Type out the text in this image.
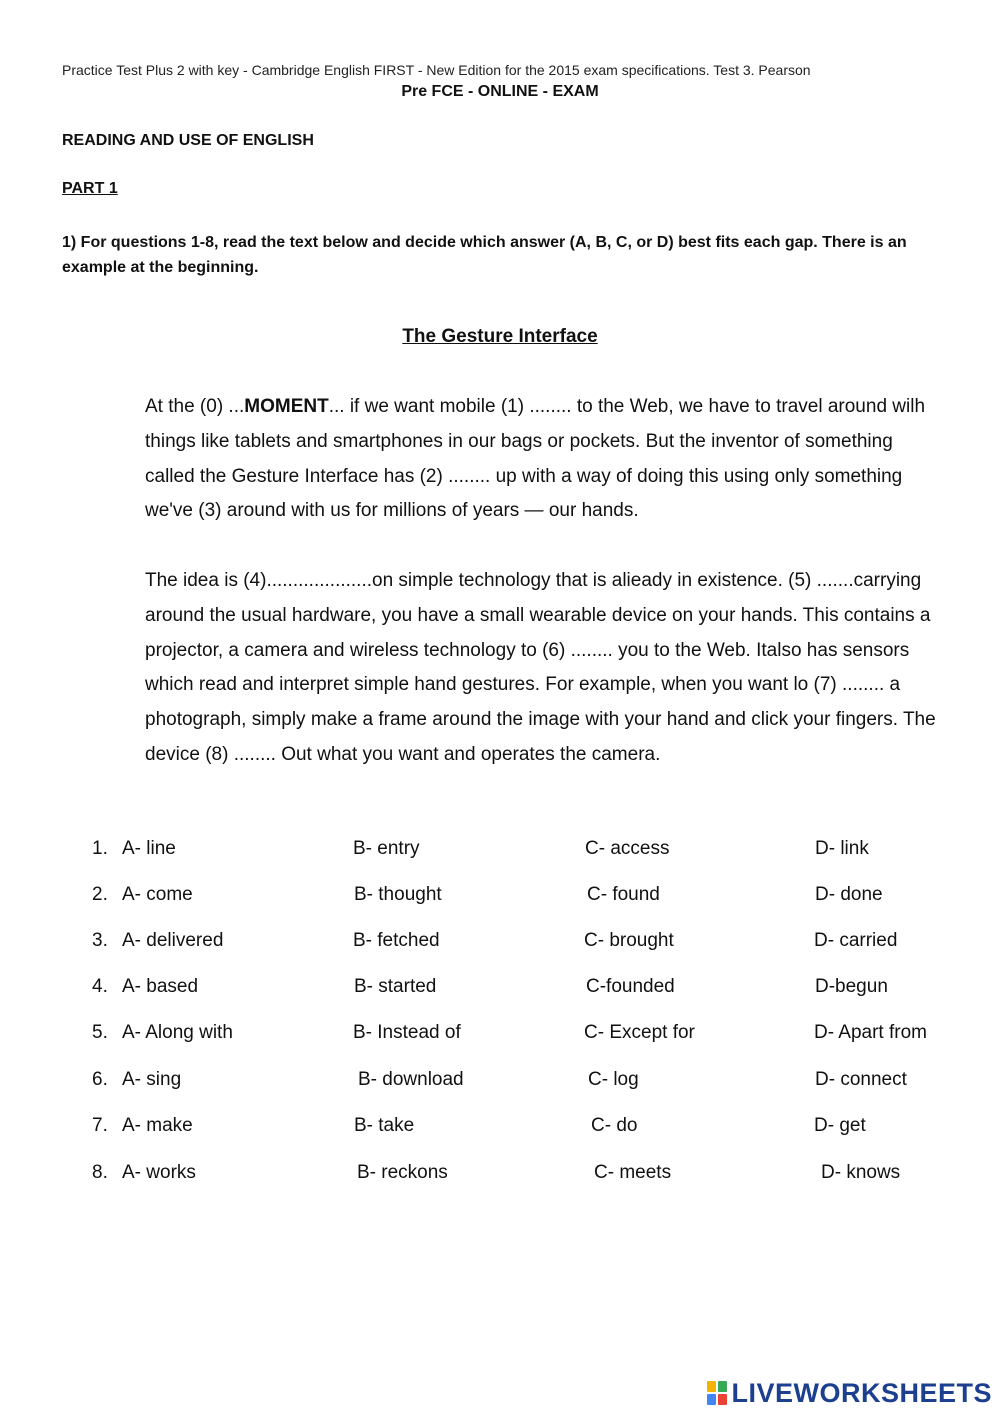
Practice Test Plus 2 with key - Cambridge English FIRST - New Edition for the 2015 exam specifications. Test 3. Pearson
Pre FCE - ONLINE - EXAM
READING AND USE OF ENGLISH
PART 1
1) For questions 1-8, read the text below and decide which answer (A, B, C, or D) best fits each gap. There is an example at the beginning.
The Gesture Interface
At the (0) ...MOMENT... if we want mobile (1) ........ to the Web, we have to travel around wilh things like tablets and smartphones in our bags or pockets. But the inventor of something called the Gesture Interface has (2) ........ up with a way of doing this using only something we've (3) around with us for millions of years — our hands.
The idea is (4)....................on simple technology that is alieady in existence. (5) .......carrying around the usual hardware, you have a small wearable device on your hands. This contains a projector, a camera and wireless technology to (6) ........ you to the Web. Italso has sensors which read and interpret simple hand gestures. For example, when you want lo (7) ........ a photograph, simply make a frame around the image with your hand and click your fingers. The device (8) ........ Out what you want and operates the camera.
1. A- line	B- entry	C- access	D- link
2. A- come	B- thought	C- found	D- done
3. A- delivered	B- fetched	C- brought	D- carried
4. A- based	B- started	C-founded	D-begun
5. A- Along with	B- Instead of	C- Except for	D- Apart from
6. A- sing	B- download	C- log	D- connect
7. A- make	B- take	C- do	D- get
8. A- works	B- reckons	C- meets	D- knows
LIVEWORKSHEETS
